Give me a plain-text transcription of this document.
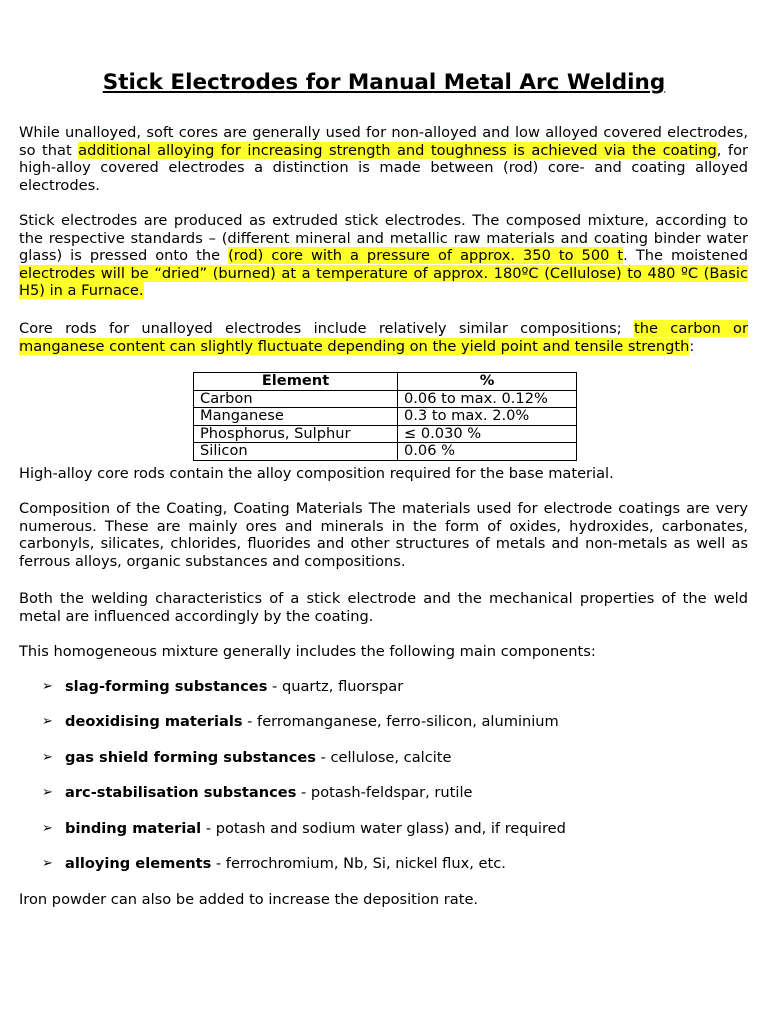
Stick Electrodes for Manual Metal Arc Welding

While unalloyed, soft cores are generally used for non-alloyed and low alloyed covered electrodes, so that additional alloying for increasing strength and toughness is achieved via the coating, for high-alloy covered electrodes a distinction is made between (rod) core- and coating alloyed electrodes.

Stick electrodes are produced as extruded stick electrodes. The composed mixture, according to the respective standards – (different mineral and metallic raw materials and coating binder water glass) is pressed onto the (rod) core with a pressure of approx. 350 to 500 t. The moistened electrodes will be “dried” (burned) at a temperature of approx. 180ºC (Cellulose) to 480 ºC (Basic H5) in a Furnace.

Core rods for unalloyed electrodes include relatively similar compositions; the carbon or manganese content can slightly fluctuate depending on the yield point and tensile strength:

Element	%
Carbon	0.06 to max. 0.12%
Manganese	0.3 to max. 2.0%
Phosphorus, Sulphur	≤ 0.030 %
Silicon	0.06 %

High-alloy core rods contain the alloy composition required for the base material.

Composition of the Coating, Coating Materials The materials used for electrode coatings are very numerous. These are mainly ores and minerals in the form of oxides, hydroxides, carbonates, carbonyls, silicates, chlorides, fluorides and other structures of metals and non-metals as well as ferrous alloys, organic substances and compositions.

Both the welding characteristics of a stick electrode and the mechanical properties of the weld metal are influenced accordingly by the coating.

This homogeneous mixture generally includes the following main components:

➢ slag-forming substances - quartz, fluorspar
➢ deoxidising materials - ferromanganese, ferro-silicon, aluminium
➢ gas shield forming substances - cellulose, calcite
➢ arc-stabilisation substances - potash-feldspar, rutile
➢ binding material - potash and sodium water glass) and, if required
➢ alloying elements - ferrochromium, Nb, Si, nickel flux, etc.

Iron powder can also be added to increase the deposition rate.
